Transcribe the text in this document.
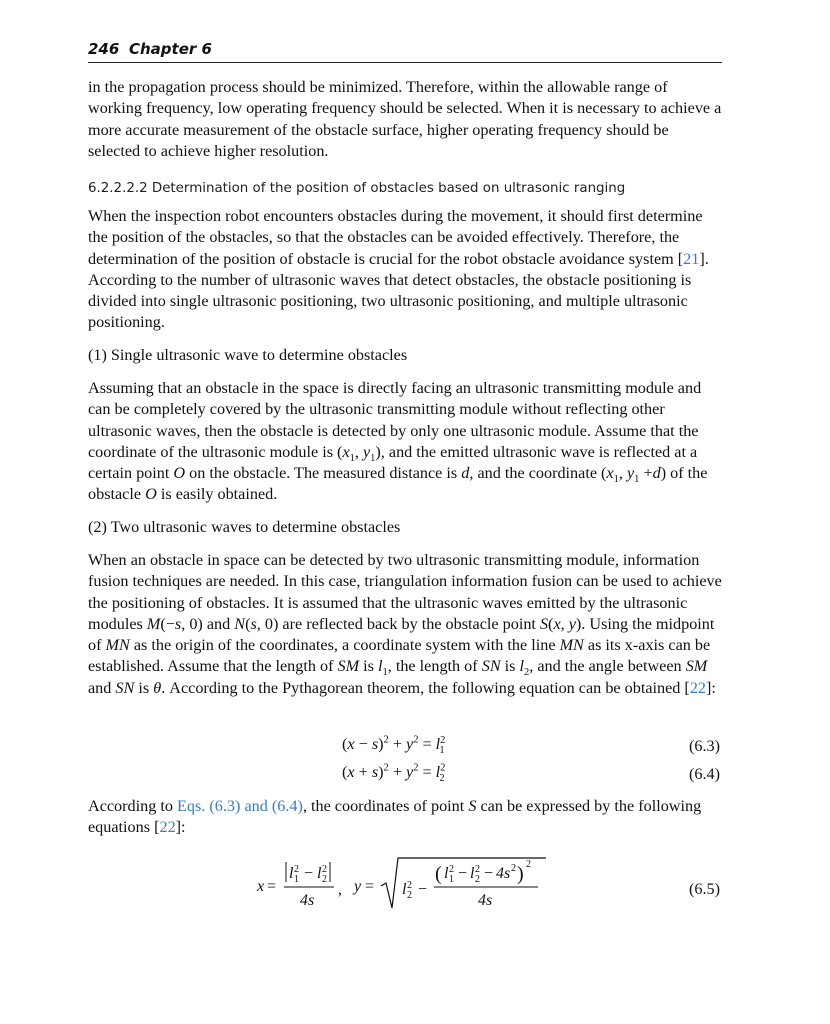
246 Chapter 6

in the propagation process should be minimized. Therefore, within the allowable range of working frequency, low operating frequency should be selected. When it is necessary to achieve a more accurate measurement of the obstacle surface, higher operating frequency should be selected to achieve higher resolution.

6.2.2.2.2 Determination of the position of obstacles based on ultrasonic ranging

When the inspection robot encounters obstacles during the movement, it should first determine the position of the obstacles, so that the obstacles can be avoided effectively. Therefore, the determination of the position of obstacle is crucial for the robot obstacle avoidance system [21]. According to the number of ultrasonic waves that detect obstacles, the obstacle positioning is divided into single ultrasonic positioning, two ultrasonic positioning, and multiple ultrasonic positioning.

(1) Single ultrasonic wave to determine obstacles

Assuming that an obstacle in the space is directly facing an ultrasonic transmitting module and can be completely covered by the ultrasonic transmitting module without reflecting other ultrasonic waves, then the obstacle is detected by only one ultrasonic module. Assume that the coordinate of the ultrasonic module is ($x_1$, $y_1$), and the emitted ultrasonic wave is reflected at a certain point O on the obstacle. The measured distance is d, and the coordinate ($x_1$, $y_1 +d$) of the obstacle O is easily obtained.

(2) Two ultrasonic waves to determine obstacles

When an obstacle in space can be detected by two ultrasonic transmitting module, information fusion techniques are needed. In this case, triangulation information fusion can be used to achieve the positioning of obstacles. It is assumed that the ultrasonic waves emitted by the ultrasonic modules M(−s, 0) and N(s, 0) are reflected back by the obstacle point S(x, y). Using the midpoint of MN as the origin of the coordinates, a coordinate system with the line MN as its x-axis can be established. Assume that the length of SM is $l_1$, the length of SN is $l_2$, and the angle between SM and SN is θ. According to the Pythagorean theorem, the following equation can be obtained [22]:

$(x - s)^2 + y^2 = l^2_1$
$(x + s)^2 + y^2 = l^2_2$
(6.3)
(6.4)

According to Eqs. (6.3) and (6.4), the coordinates of point S can be expressed by the following equations [22]:

x =
l 2
1 − l 2
2
4s
, y = l 2
2 −
( l 2
1 − l 2
2 − 4s 2 ) 2
4s
(6.5)
